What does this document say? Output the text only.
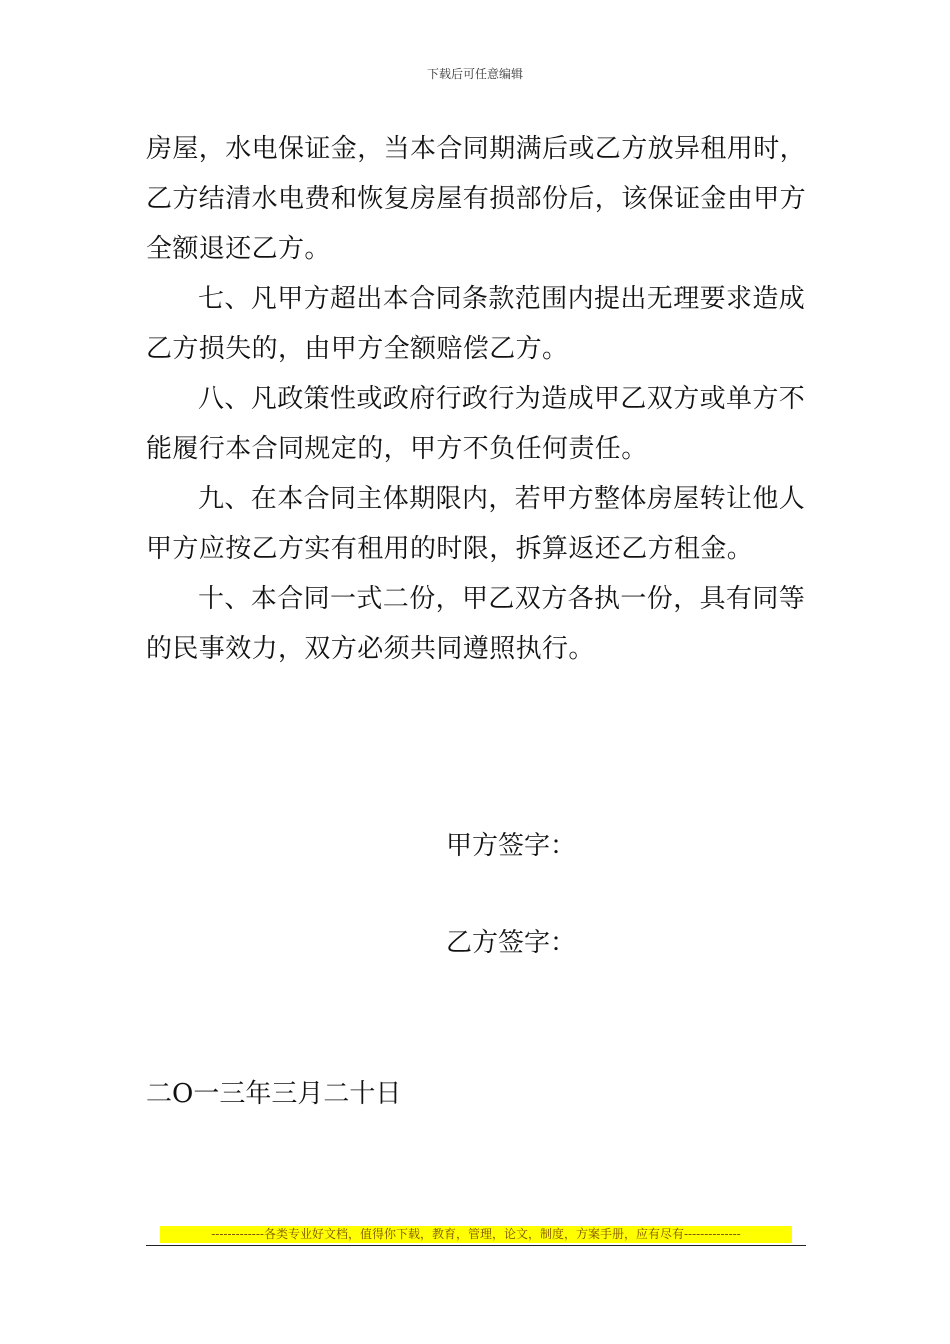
下载后可任意编辑
房屋，水电保证金，当本合同期满后或乙方放异租用时，
乙方结清水电费和恢复房屋有损部份后，该保证金由甲方
全额退还乙方。
七、凡甲方超出本合同条款范围内提出无理要求造成
乙方损失的，由甲方全额赔偿乙方。
八、凡政策性或政府行政行为造成甲乙双方或单方不
能履行本合同规定的，甲方不负任何责任。
九、在本合同主体期限内，若甲方整体房屋转让他人
甲方应按乙方实有租用的时限，拆算返还乙方租金。
十、本合同一式二份，甲乙双方各执一份，具有同等
的民事效力，双方必须共同遵照执行。
甲方签字：
乙方签字：
二O一三年三月二十日
-------------各类专业好文档，值得你下载，教育，管理，论文，制度，方案手册，应有尽有--------------
